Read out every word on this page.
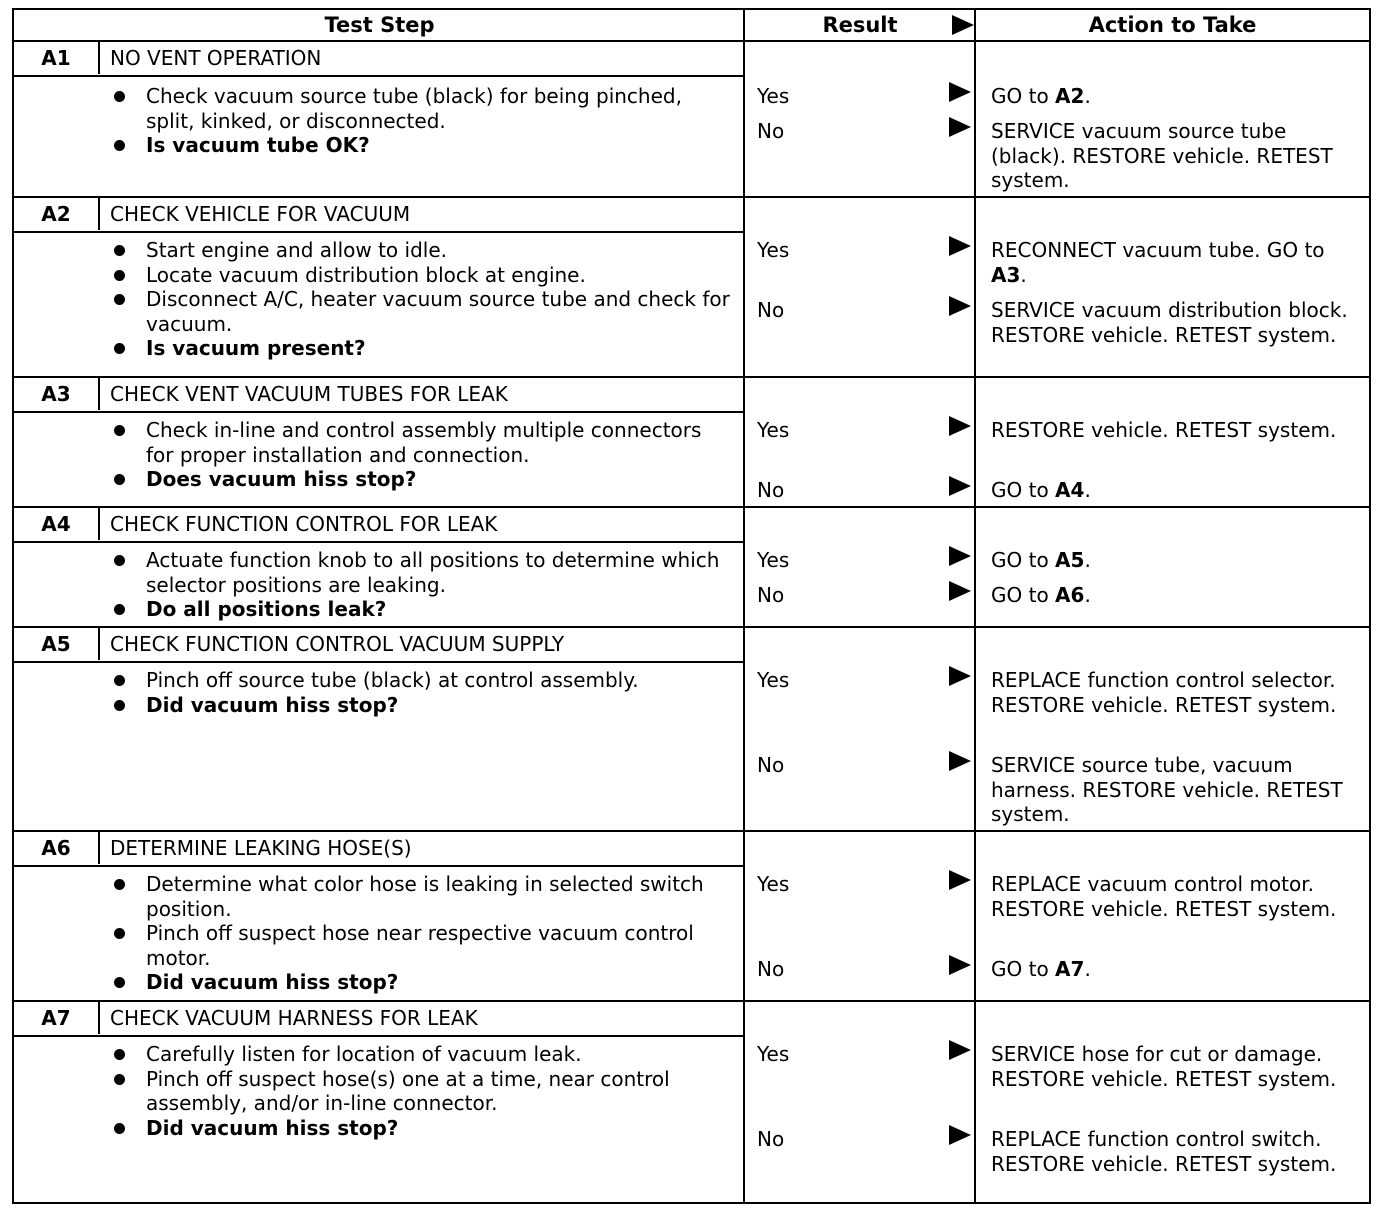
Test Step	Result	Action to Take
A1	NO VENT OPERATION
Check vacuum source tube (black) for being pinched, split, kinked, or disconnected.
Is vacuum tube OK?
Yes	GO to A2.
No	SERVICE vacuum source tube (black). RESTORE vehicle. RETEST system.
A2	CHECK VEHICLE FOR VACUUM
Start engine and allow to idle.
Locate vacuum distribution block at engine.
Disconnect A/C, heater vacuum source tube and check for vacuum.
Is vacuum present?
Yes	RECONNECT vacuum tube. GO to A3.
No	SERVICE vacuum distribution block. RESTORE vehicle. RETEST system.
A3	CHECK VENT VACUUM TUBES FOR LEAK
Check in-line and control assembly multiple connectors for proper installation and connection.
Does vacuum hiss stop?
Yes	RESTORE vehicle. RETEST system.
No	GO to A4.
A4	CHECK FUNCTION CONTROL FOR LEAK
Actuate function knob to all positions to determine which selector positions are leaking.
Do all positions leak?
Yes	GO to A5.
No	GO to A6.
A5	CHECK FUNCTION CONTROL VACUUM SUPPLY
Pinch off source tube (black) at control assembly.
Did vacuum hiss stop?
Yes	REPLACE function control selector. RESTORE vehicle. RETEST system.
No	SERVICE source tube, vacuum harness. RESTORE vehicle. RETEST system.
A6	DETERMINE LEAKING HOSE(S)
Determine what color hose is leaking in selected switch position.
Pinch off suspect hose near respective vacuum control motor.
Did vacuum hiss stop?
Yes	REPLACE vacuum control motor. RESTORE vehicle. RETEST system.
No	GO to A7.
A7	CHECK VACUUM HARNESS FOR LEAK
Carefully listen for location of vacuum leak.
Pinch off suspect hose(s) one at a time, near control assembly, and/or in-line connector.
Did vacuum hiss stop?
Yes	SERVICE hose for cut or damage. RESTORE vehicle. RETEST system.
No	REPLACE function control switch. RESTORE vehicle. RETEST system.
